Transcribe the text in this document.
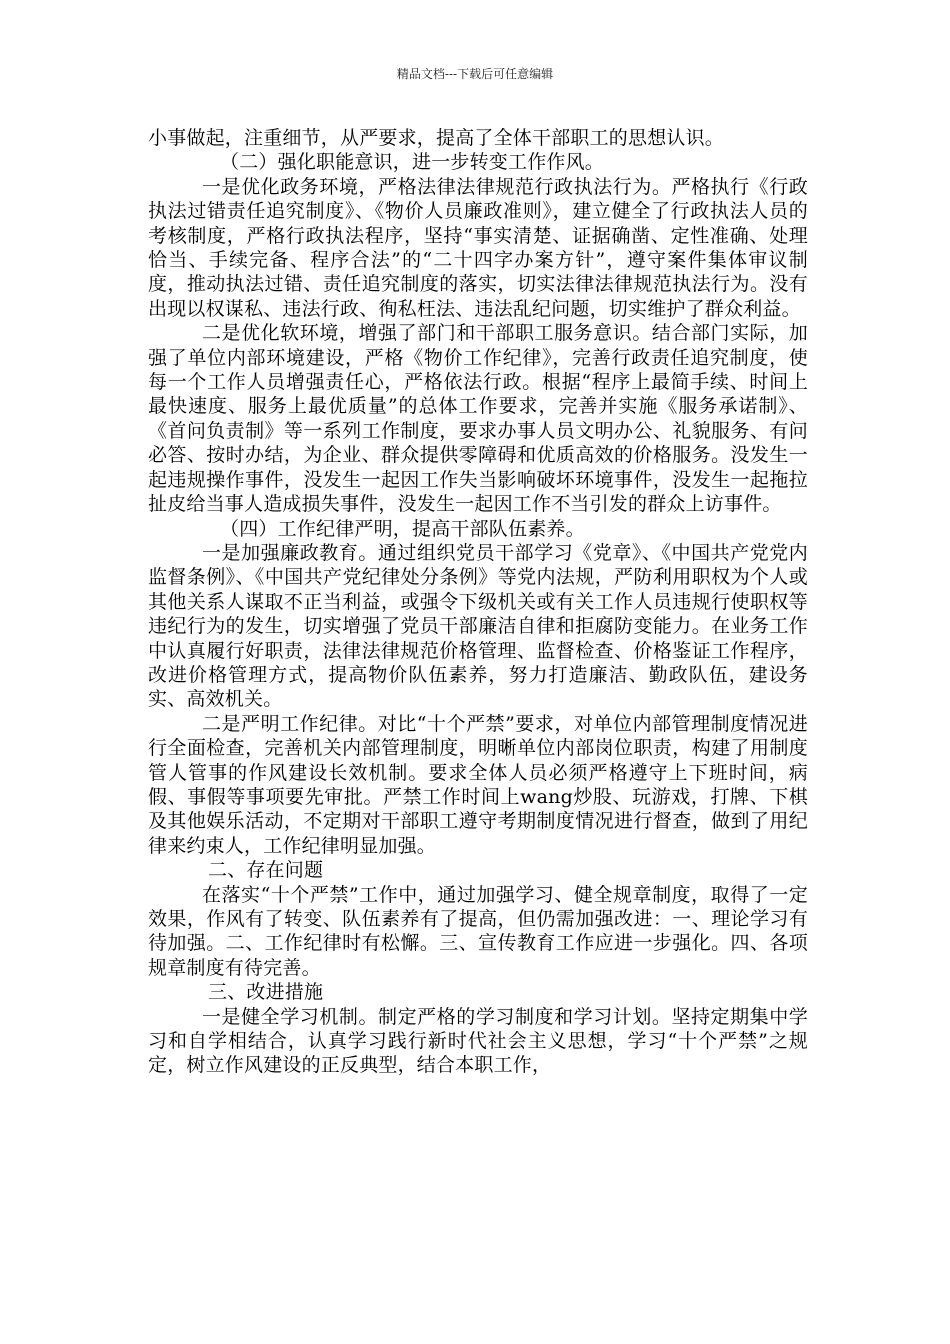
精品文档---下载后可任意编辑

小事做起，注重细节，从严要求，提高了全体干部职工的思想认识。

（二）强化职能意识，进一步转变工作作风。

一是优化政务环境，严格法律法律规范行政执法行为。严格执行《行政执法过错责任追究制度》、《物价人员廉政准则》，建立健全了行政执法人员的考核制度，严格行政执法程序，坚持“事实清楚、证据确凿、定性准确、处理恰当、手续完备、程序合法”的“二十四字办案方针”，遵守案件集体审议制度，推动执法过错、责任追究制度的落实，切实法律法律规范执法行为。没有出现以权谋私、违法行政、徇私枉法、违法乱纪问题，切实维护了群众利益。

二是优化软环境，增强了部门和干部职工服务意识。结合部门实际，加强了单位内部环境建设，严格《物价工作纪律》，完善行政责任追究制度，使每一个工作人员增强责任心，严格依法行政。根据“程序上最简手续、时间上最快速度、服务上最优质量”的总体工作要求，完善并实施《服务承诺制》、《首问负责制》等一系列工作制度，要求办事人员文明办公、礼貌服务、有问必答、按时办结，为企业、群众提供零障碍和优质高效的价格服务。没发生一起违规操作事件，没发生一起因工作失当影响破坏环境事件，没发生一起拖拉扯皮给当事人造成损失事件，没发生一起因工作不当引发的群众上访事件。

（四）工作纪律严明，提高干部队伍素养。

一是加强廉政教育。通过组织党员干部学习《党章》、《中国共产党党内监督条例》、《中国共产党纪律处分条例》等党内法规，严防利用职权为个人或其他关系人谋取不正当利益，或强令下级机关或有关工作人员违规行使职权等违纪行为的发生，切实增强了党员干部廉洁自律和拒腐防变能力。在业务工作中认真履行好职责，法律法律规范价格管理、监督检查、价格鉴证工作程序，改进价格管理方式，提高物价队伍素养，努力打造廉洁、勤政队伍，建设务实、高效机关。

二是严明工作纪律。对比“十个严禁”要求，对单位内部管理制度情况进行全面检查，完善机关内部管理制度，明晰单位内部岗位职责，构建了用制度管人管事的作风建设长效机制。要求全体人员必须严格遵守上下班时间，病假、事假等事项要先审批。严禁工作时间上wang炒股、玩游戏，打牌、下棋及其他娱乐活动，不定期对干部职工遵守考期制度情况进行督查，做到了用纪律来约束人，工作纪律明显加强。

二、存在问题

在落实“十个严禁”工作中，通过加强学习、健全规章制度，取得了一定效果，作风有了转变、队伍素养有了提高，但仍需加强改进：一、理论学习有待加强。二、工作纪律时有松懈。三、宣传教育工作应进一步强化。四、各项规章制度有待完善。

三、改进措施

一是健全学习机制。制定严格的学习制度和学习计划。坚持定期集中学习和自学相结合，认真学习践行新时代社会主义思想，学习“十个严禁”之规定，树立作风建设的正反典型，结合本职工作，
